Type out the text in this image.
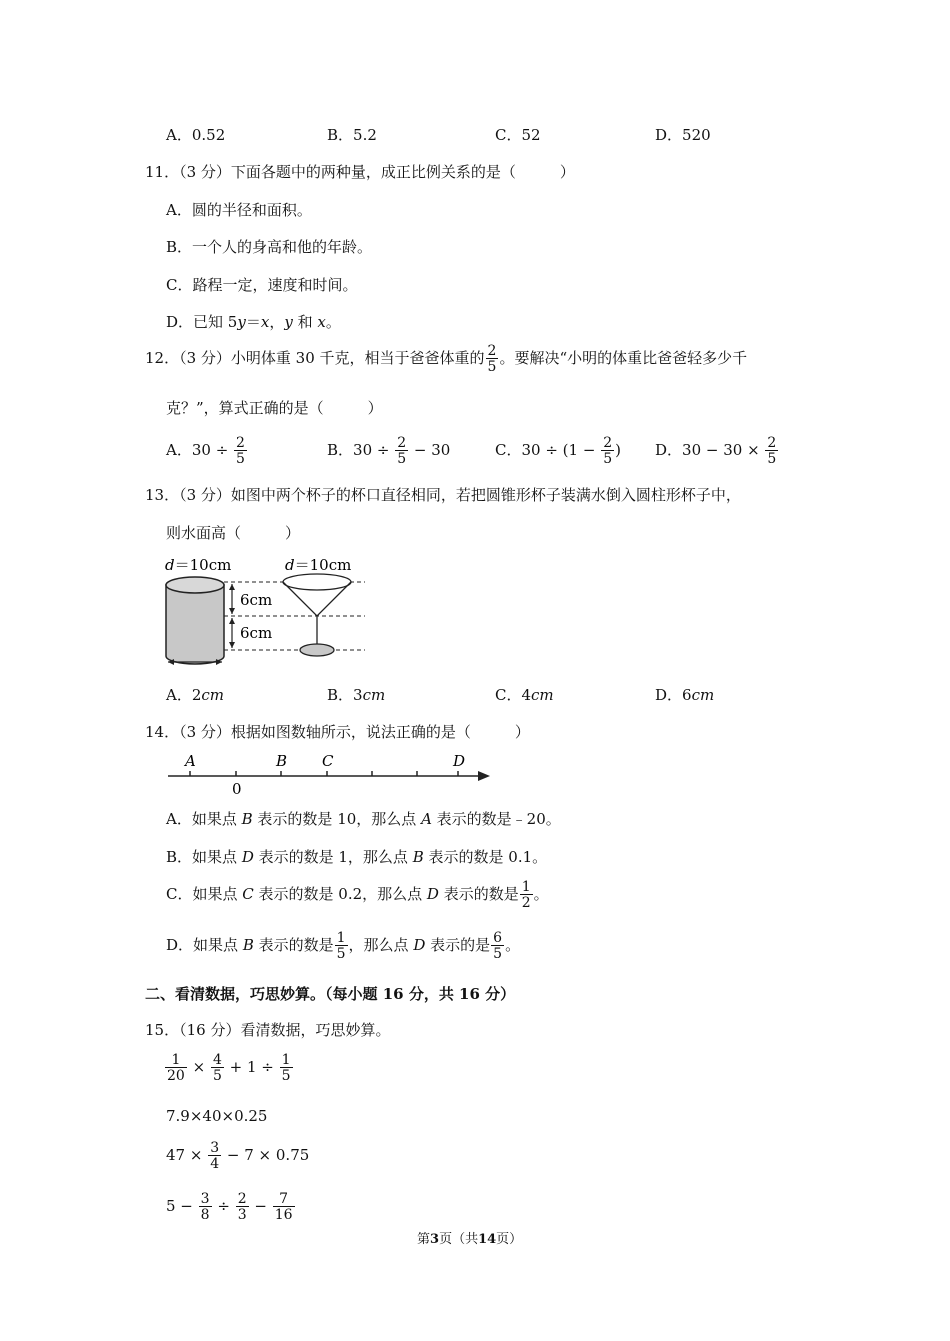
A．0.52	B．5.2	C．52	D．520
11．（3 分）下面各题中的两种量，成正比例关系的是（	）
A．圆的半径和面积。
B．一个人的身高和他的年龄。
C．路程一定，速度和时间。
D．已知 5y＝x，y 和 x。
12．（3 分）小明体重 30 千克，相当于爸爸体重的 $\frac{2}{5}$ 。要解决“小明的体重比爸爸轻多少千
克？”，算式正确的是（	）
A．$30 \div \frac{2}{5}$	B．$30 \div \frac{2}{5} - 30$	C．$30 \div (1 - \frac{2}{5}$ ) D．$30 - 30 \times \frac{2}{5}$
13．（3 分）如图中两个杯子的杯口直径相同，若把圆锥形杯子装满水倒入圆柱形杯子中，
则水面高（	）
d＝10cm	d＝10cm
6cm
6cm
A．2cm	B．3cm	C．4cm	D．6cm
14．（3 分）根据如图数轴所示，说法正确的是（	）
A	B C	D
0
A．如果点 B 表示的数是 10，那么点 A 表示的数是﹣20。
B．如果点 D 表示的数是 1，那么点 B 表示的数是 0.1。
C．如果点 C 表示的数是 0.2，那么点 D 表示的数是 $\frac{1}{2}$ 。
D．如果点 B 表示的数是 $\frac{1}{5}$ ，那么点 D 表示的是 $\frac{6}{5}$ 。
二、看清数据，巧思妙算。（每小题 16 分，共 16 分）
15．（16 分）看清数据，巧思妙算。
$\frac{1}{20} \times \frac{4}{5} + 1 \div \frac{1}{5}$
7.9×40×0.25
$47 \times \frac{3}{4} - 7 \times 0.75$
$5 - \frac{3}{8} \div \frac{2}{3} - \frac{7}{16}$
第3页（共14页）
